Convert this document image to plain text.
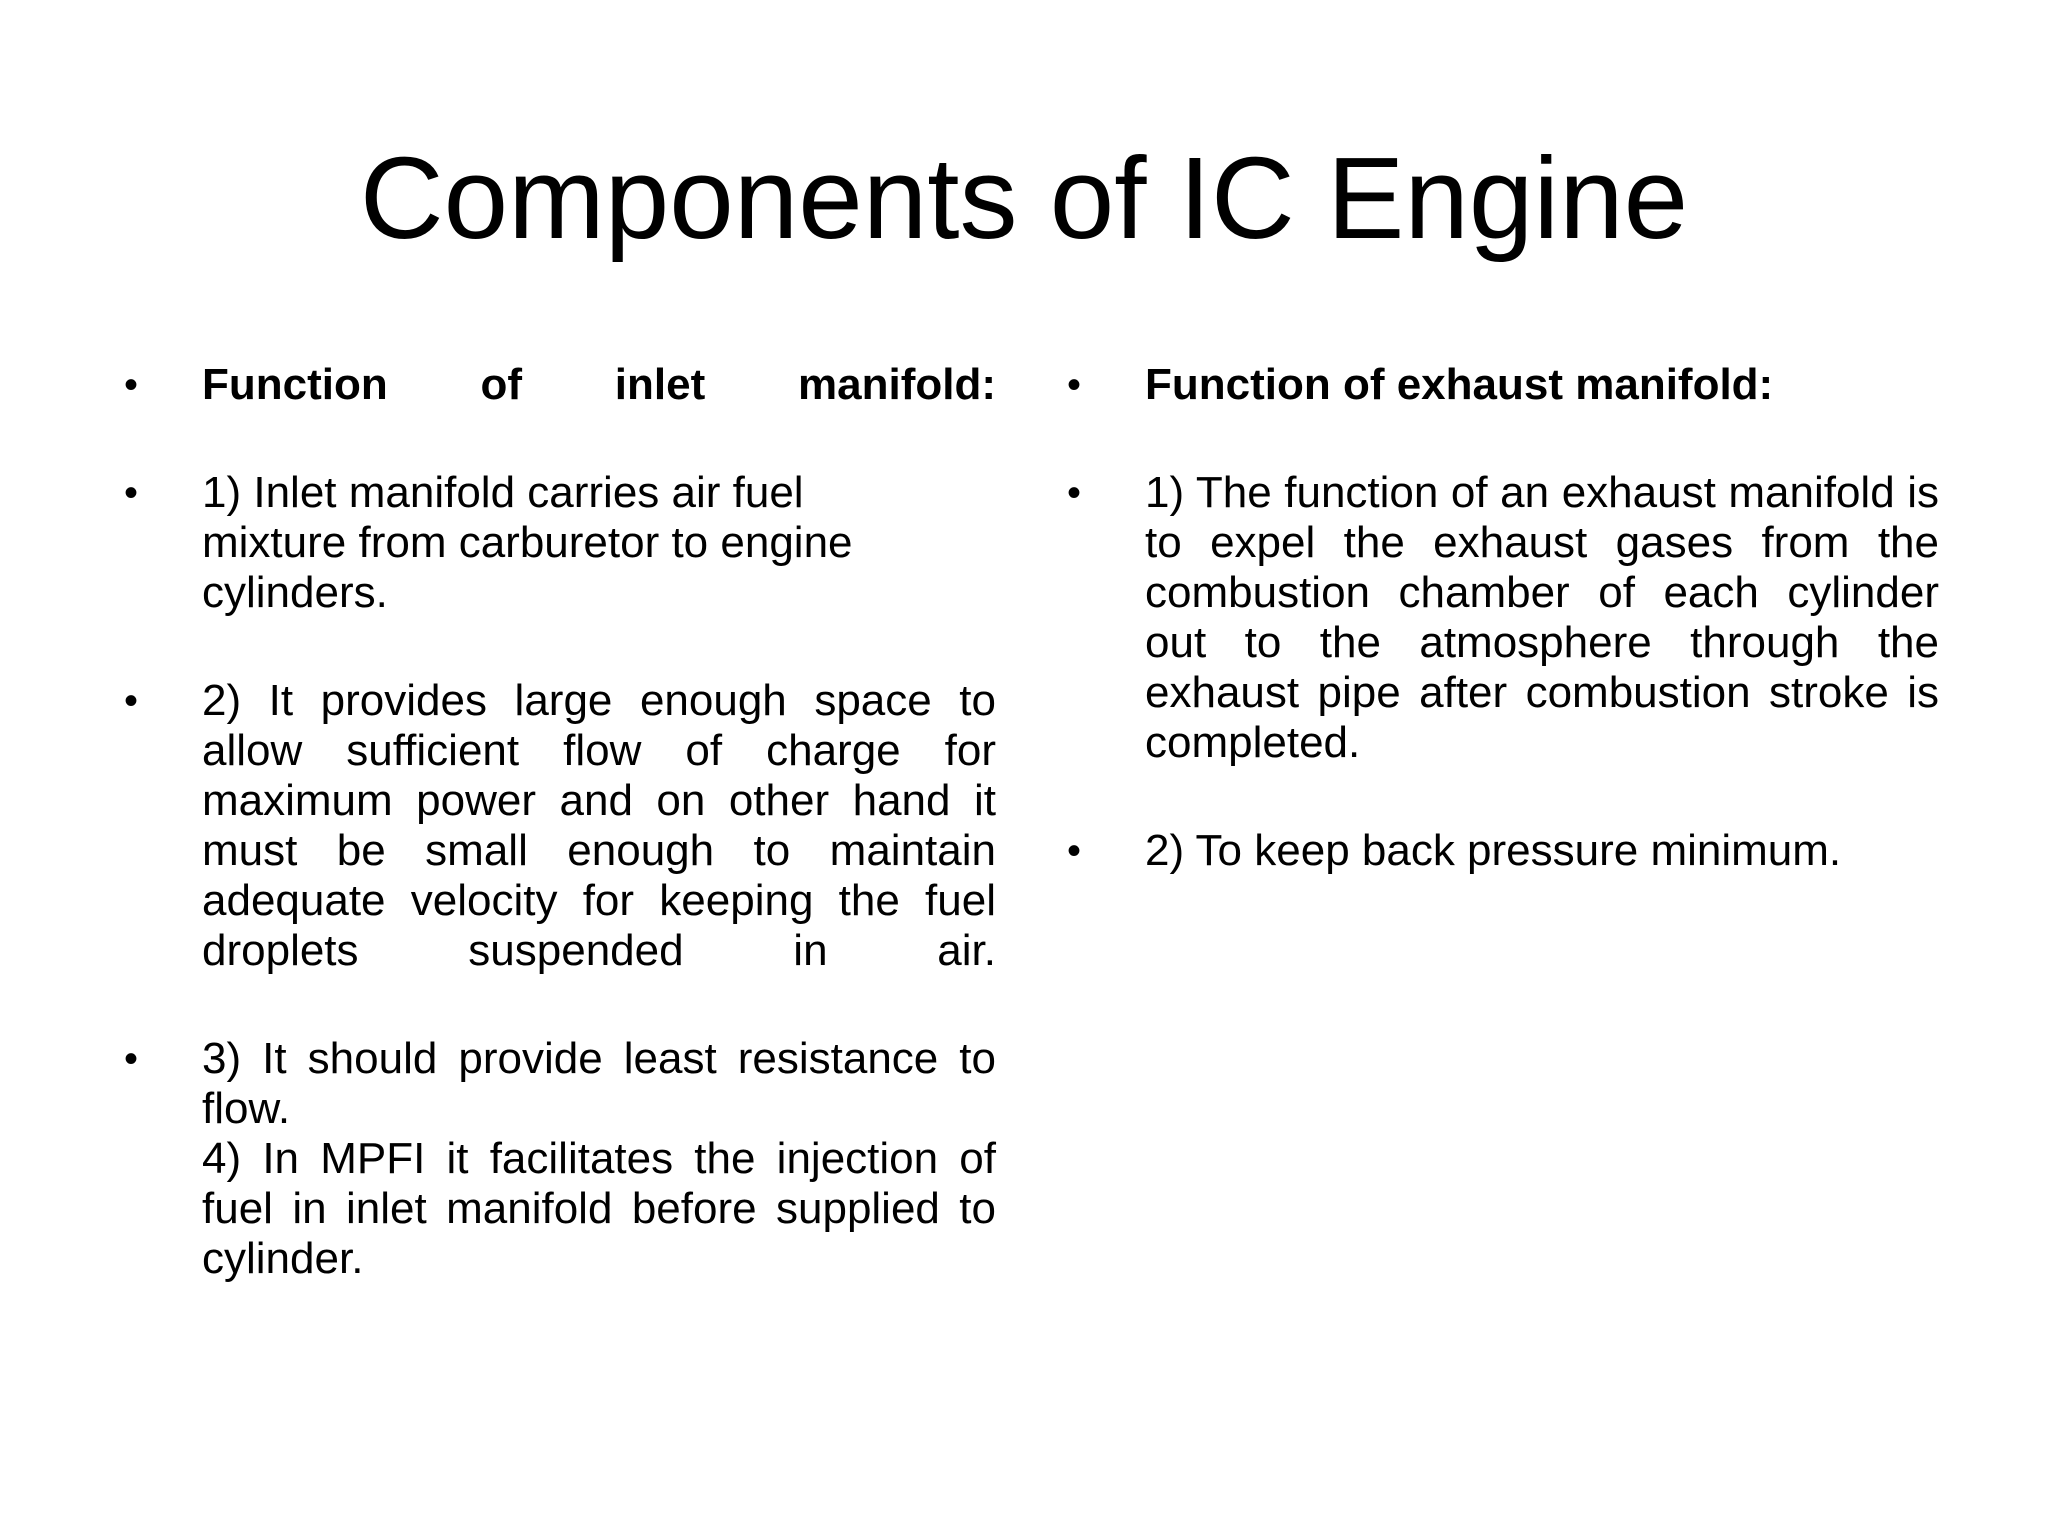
Components of IC Engine
• Function of inlet manifold:
• 1) Inlet manifold carries air fuel mixture from carburetor to engine cylinders.
• 2) It provides large enough space to allow sufficient flow of charge for maximum power and on other hand it must be small enough to maintain adequate velocity for keeping the fuel droplets suspended in air.
• 3) It should provide least resistance to flow.
4) In MPFI it facilitates the injection of fuel in inlet manifold before supplied to cylinder.
• Function of exhaust manifold:
• 1) The function of an exhaust manifold is to expel the exhaust gases from the combustion chamber of each cylinder out to the atmosphere through the exhaust pipe after combustion stroke is completed.
• 2) To keep back pressure minimum.
